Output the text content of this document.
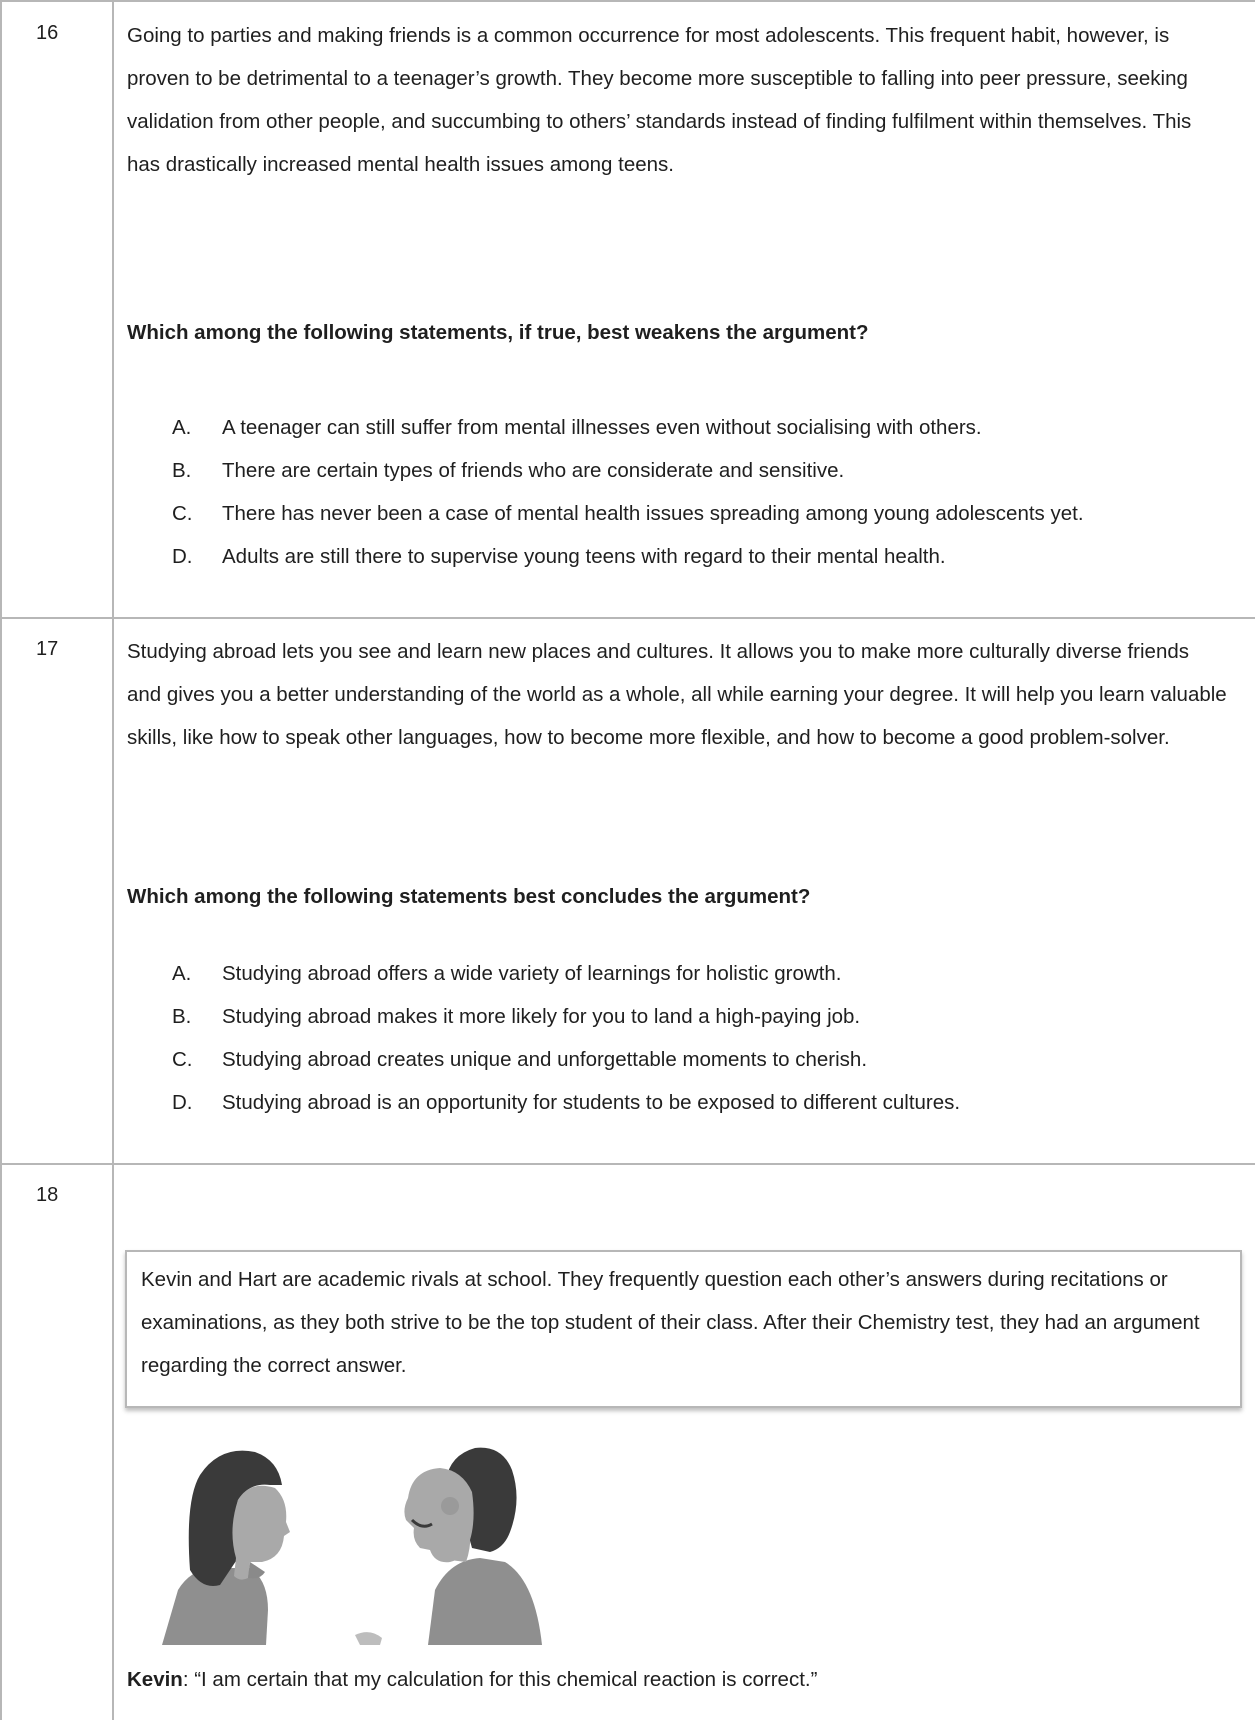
16	Going to parties and making friends is a common occurrence for most adolescents. This frequent habit, however, is proven to be detrimental to a teenager’s growth. They become more susceptible to falling into peer pressure, seeking validation from other people, and succumbing to others’ standards instead of finding fulfilment within themselves. This has drastically increased mental health issues among teens.
Which among the following statements, if true, best weakens the argument?
A.	A teenager can still suffer from mental illnesses even without socialising with others.
B.	There are certain types of friends who are considerate and sensitive.
C.	There has never been a case of mental health issues spreading among young adolescents yet.
D.	Adults are still there to supervise young teens with regard to their mental health.
17	Studying abroad lets you see and learn new places and cultures. It allows you to make more culturally diverse friends and gives you a better understanding of the world as a whole, all while earning your degree. It will help you learn valuable skills, like how to speak other languages, how to become more flexible, and how to become a good problem-solver.
Which among the following statements best concludes the argument?
A.	Studying abroad offers a wide variety of learnings for holistic growth.
B.	Studying abroad makes it more likely for you to land a high-paying job.
C.	Studying abroad creates unique and unforgettable moments to cherish.
D.	Studying abroad is an opportunity for students to be exposed to different cultures.
18

Kevin and Hart are academic rivals at school. They frequently question each other’s answers during recitations or examinations, as they both strive to be the top student of their class. After their Chemistry test, they had an argument regarding the correct answer.

Kevin: “I am certain that my calculation for this chemical reaction is correct.”
